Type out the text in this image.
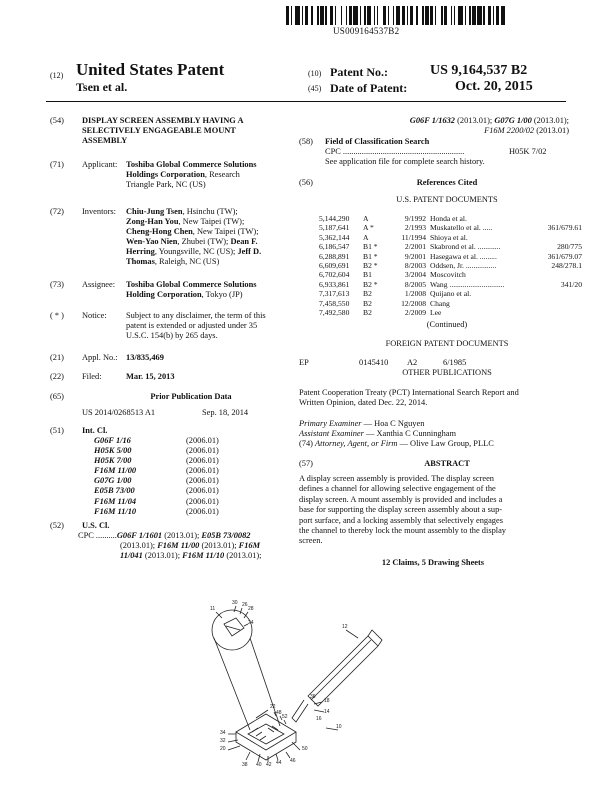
US009164537B2
(12) United States Patent
Tsen et al.
(10) Patent No.:	US 9,164,537 B2
(45) Date of Patent:	Oct. 20, 2015
(54)	DISPLAY SCREEN ASSEMBLY HAVING A
SELECTIVELY ENGAGEABLE MOUNT
ASSEMBLY
(71)	Applicant:	Toshiba Global Commerce Solutions
Holdings Corporation, Research
Triangle Park, NC (US)
(72)	Inventors:	Chiu-Jung Tsen, Hsinchu (TW);
Zong-Han You, New Taipei (TW);
Cheng-Hong Chen, New Taipei (TW);
Wen-Yao Nien, Zhubei (TW); Dean F.
Herring, Youngsville, NC (US); Jeff D.
Thomas, Raleigh, NC (US)
(73)	Assignee:	Toshiba Global Commerce Solutions
Holding Corporation, Tokyo (JP)
( * )	Notice:	Subject to any disclaimer, the term of this
patent is extended or adjusted under 35
U.S.C. 154(b) by 265 days.
(21)	Appl. No.:	13/835,469
(22)	Filed:	Mar. 15, 2013
(65)	Prior Publication Data
US 2014/0268513 A1	Sep. 18, 2014
(51)	Int. Cl.
G06F 1/16	(2006.01)
H05K 5/00	(2006.01)
H05K 7/00	(2006.01)
F16M 11/00	(2006.01)
G07G 1/00	(2006.01)
E05B 73/00	(2006.01)
F16M 11/04	(2006.01)
F16M 11/10	(2006.01)
(52)	U.S. Cl.
CPC .......... G06F 1/1601 (2013.01); E05B 73/0082
(2013.01); F16M 11/00 (2013.01); F16M
11/041 (2013.01); F16M 11/10 (2013.01);
G06F 1/1632 (2013.01); G07G 1/00 (2013.01);
F16M 2200/02 (2013.01)
(58)	Field of Classification Search
CPC ..........................................................	H05K 7/02
See application file for complete search history.
(56)	References Cited
U.S. PATENT DOCUMENTS
5,144,290	A	9/1992 Honda et al.
5,187,641	A *	2/1993 Muskatello et al. .....	361/679.61
5,362,144	A	11/1994 Shioya et al.
6,186,547	B1 *	2/2001 Skabrond et al. ............	280/775
6,288,891	B1 *	9/2001 Hasegawa et al. .........	361/679.07
6,609,691	B2 *	8/2003 Oddsen, Jr. ................	248/278.1
6,702,604	B1	3/2004 Moscovitch
6,933,861	B2 *	8/2005 Wang .............................	341/20
7,317,613	B2	1/2008 Quijano et al.
7,458,550	B2	12/2008 Chang
7,492,580	B2	2/2009 Lee
(Continued)
FOREIGN PATENT DOCUMENTS
EP	0145410	A2	6/1985
OTHER PUBLICATIONS
Patent Cooperation Treaty (PCT) International Search Report and
Written Opinion, dated Dec. 22, 2014.
Primary Examiner — Hoa C Nguyen
Assistant Examiner — Xanthia C Cunningham
(74) Attorney, Agent, or Firm — Olive Law Group, PLLC
(57)	ABSTRACT
A display screen assembly is provided. The display screen
defines a channel for allowing selective engagement of the
display screen. A mount assembly is provided and includes a
base for supporting the display screen assembly about a sup-
port surface, and a locking assembly that selectively engages
the channel to thereby lock the mount assembly to the display
screen.
12 Claims, 5 Drawing Sheets
11
30 26
28
24
12
18
14
10
36
22
48
52
34
32
20	50
38 40 42 44 46
16
